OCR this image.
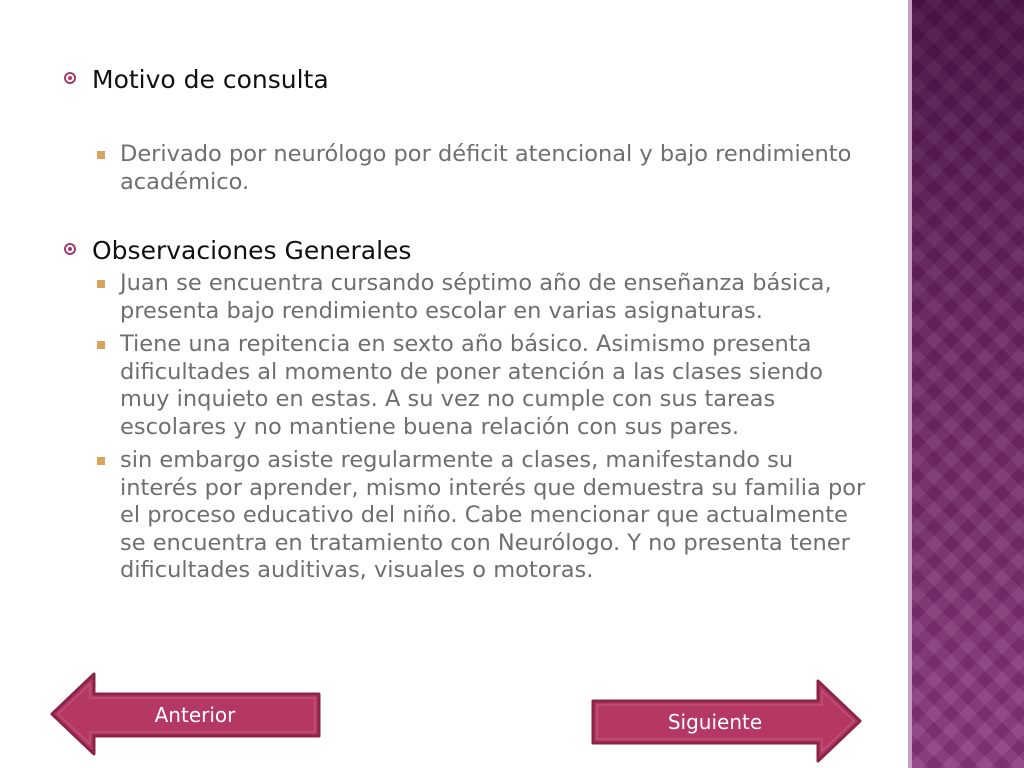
Motivo de consulta
Derivado por neurólogo por déficit atencional y bajo rendimiento académico.
Observaciones Generales
Juan se encuentra cursando séptimo año de enseñanza básica, presenta bajo rendimiento escolar en varias asignaturas.
Tiene una repitencia en sexto año básico. Asimismo presenta dificultades al momento de poner atención a las clases siendo muy inquieto en estas. A su vez no cumple con sus tareas escolares y no mantiene buena relación con sus pares.
sin embargo asiste regularmente a clases, manifestando su interés por aprender, mismo interés que demuestra su familia por el proceso educativo del niño. Cabe mencionar que actualmente se encuentra en tratamiento con Neurólogo. Y no presenta tener dificultades auditivas, visuales o motoras.
Anterior	Siguiente
